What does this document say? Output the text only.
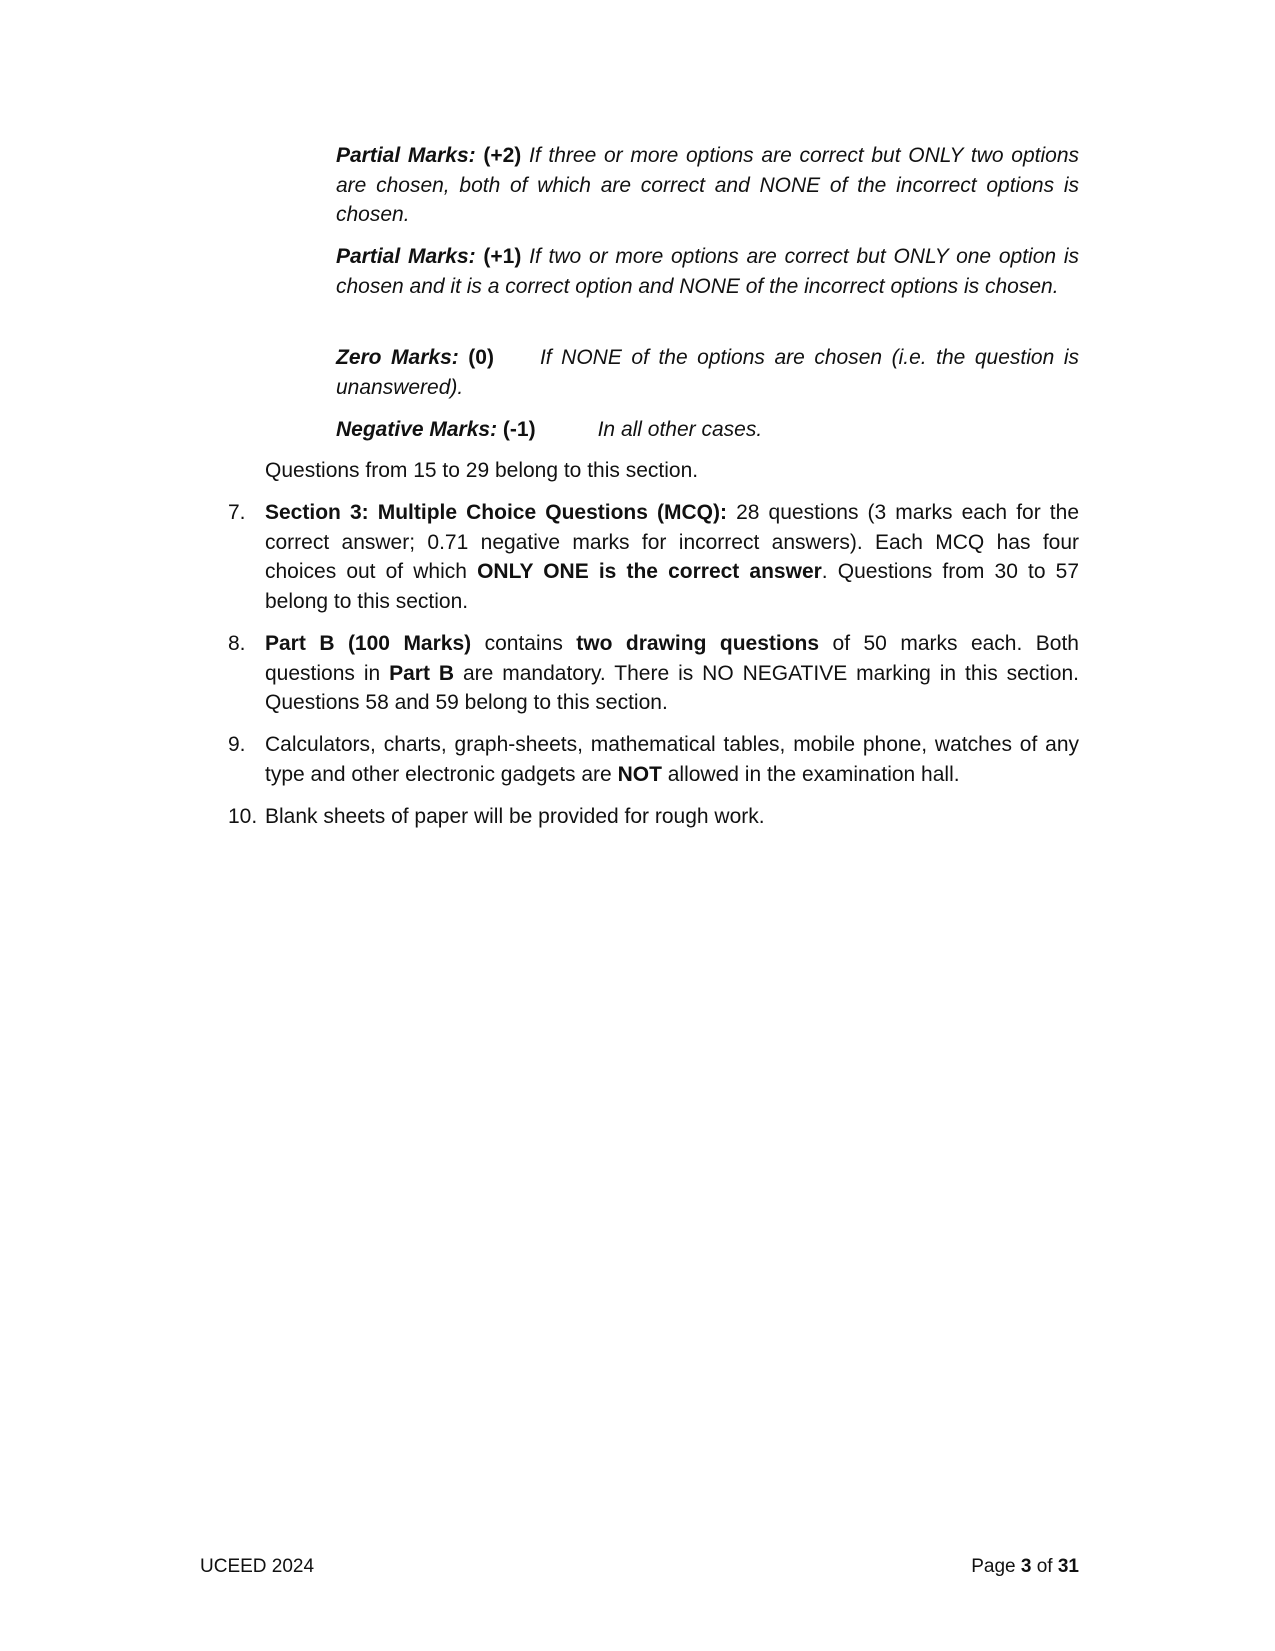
Partial Marks: (+2) If three or more options are correct but ONLY two options are chosen, both of which are correct and NONE of the incorrect options is chosen.
Partial Marks: (+1) If two or more options are correct but ONLY one option is chosen and it is a correct option and NONE of the incorrect options is chosen.
Zero Marks: (0) If NONE of the options are chosen (i.e. the question is unanswered).
Negative Marks: (-1)	In all other cases.
Questions from 15 to 29 belong to this section.
7. Section 3: Multiple Choice Questions (MCQ): 28 questions (3 marks each for the correct answer; 0.71 negative marks for incorrect answers). Each MCQ has four choices out of which ONLY ONE is the correct answer. Questions from 30 to 57 belong to this section.
8. Part B (100 Marks) contains two drawing questions of 50 marks each. Both questions in Part B are mandatory. There is NO NEGATIVE marking in this section. Questions 58 and 59 belong to this section.
9. Calculators, charts, graph-sheets, mathematical tables, mobile phone, watches of any type and other electronic gadgets are NOT allowed in the examination hall.
10. Blank sheets of paper will be provided for rough work.
UCEED 2024	Page 3 of 31
